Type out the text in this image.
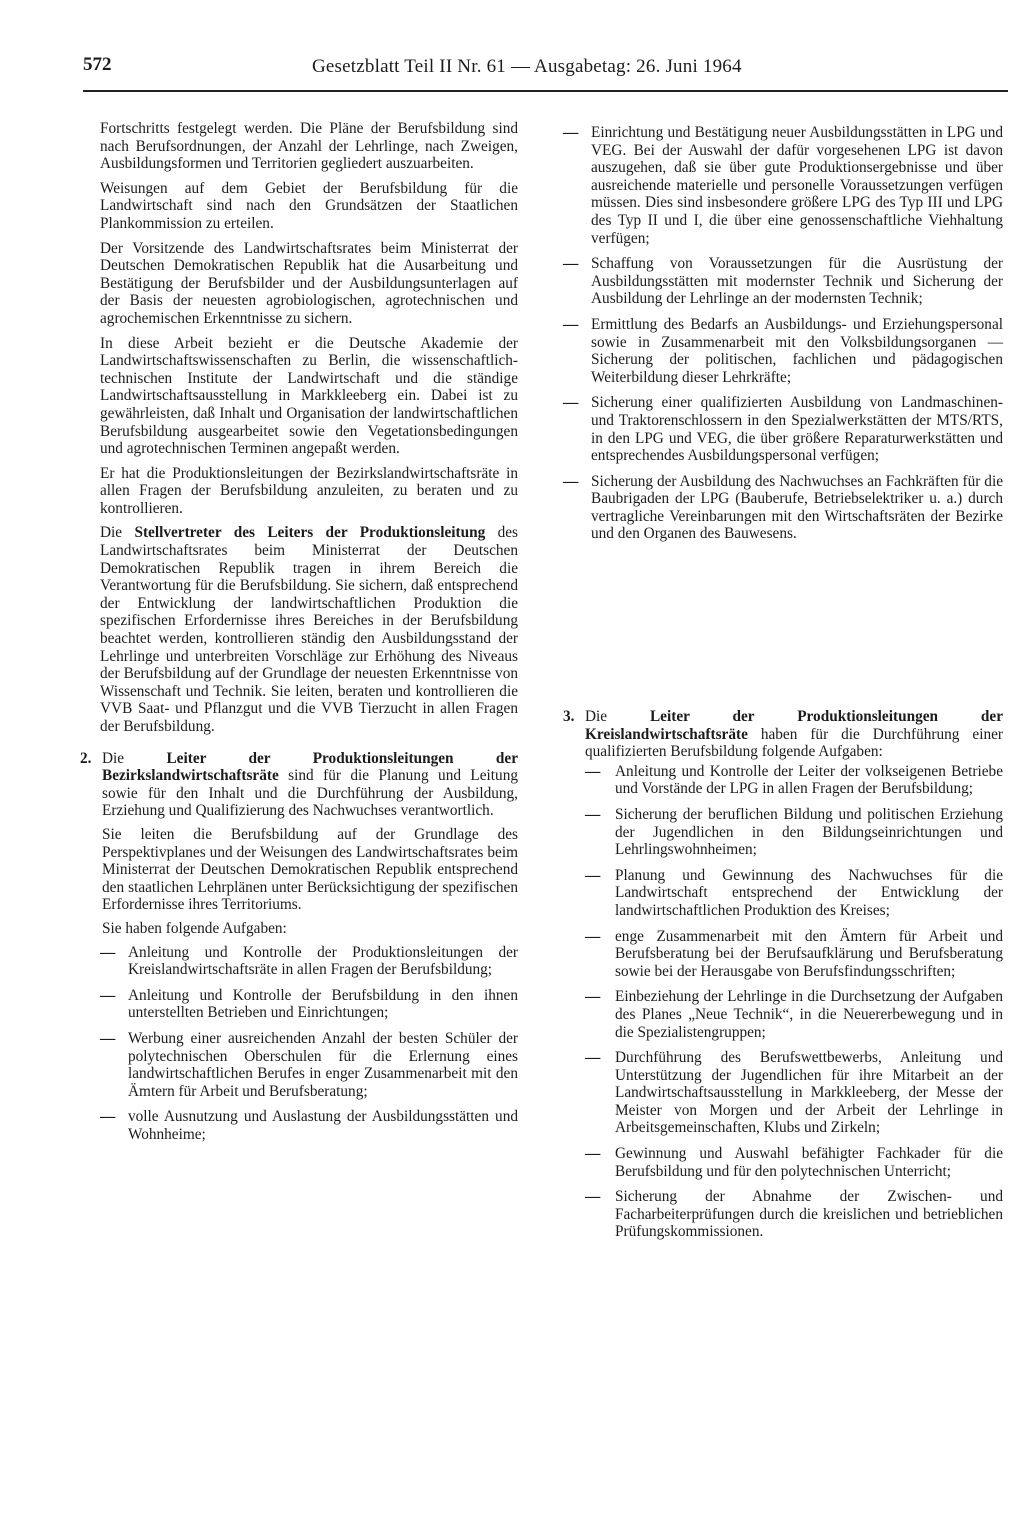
572	Gesetzblatt Teil II Nr. 61 — Ausgabetag: 26. Juni 1964

Fortschritts festgelegt werden. Die Pläne der Berufsbildung sind nach Berufsordnungen, der Anzahl der Lehrlinge, nach Zweigen, Ausbildungsformen und Territorien gegliedert auszuarbeiten.

Weisungen auf dem Gebiet der Berufsbildung für die Landwirtschaft sind nach den Grundsätzen der Staatlichen Plankommission zu erteilen.

Der Vorsitzende des Landwirtschaftsrates beim Ministerrat der Deutschen Demokratischen Republik hat die Ausarbeitung und Bestätigung der Berufsbilder und der Ausbildungsunterlagen auf der Basis der neuesten agrobiologischen, agrotechnischen und agrochemischen Erkenntnisse zu sichern.

In diese Arbeit bezieht er die Deutsche Akademie der Landwirtschaftswissenschaften zu Berlin, die wissenschaftlich-technischen Institute der Landwirtschaft und die ständige Landwirtschaftsausstellung in Markkleeberg ein. Dabei ist zu gewährleisten, daß Inhalt und Organisation der landwirtschaftlichen Berufsbildung ausgearbeitet sowie den Vegetationsbedingungen und agrotechnischen Terminen angepaßt werden.

Er hat die Produktionsleitungen der Bezirkslandwirtschaftsräte in allen Fragen der Berufsbildung anzuleiten, zu beraten und zu kontrollieren.

Die Stellvertreter des Leiters der Produktionsleitung des Landwirtschaftsrates beim Ministerrat der Deutschen Demokratischen Republik tragen in ihrem Bereich die Verantwortung für die Berufsbildung. Sie sichern, daß entsprechend der Entwicklung der landwirtschaftlichen Produktion die spezifischen Erfordernisse ihres Bereiches in der Berufsbildung beachtet werden, kontrollieren ständig den Ausbildungsstand der Lehrlinge und unterbreiten Vorschläge zur Erhöhung des Niveaus der Berufsbildung auf der Grundlage der neuesten Erkenntnisse von Wissenschaft und Technik. Sie leiten, beraten und kontrollieren die VVB Saat- und Pflanzgut und die VVB Tierzucht in allen Fragen der Berufsbildung.

2. Die Leiter der Produktionsleitungen der Bezirkslandwirtschaftsräte sind für die Planung und Leitung sowie für den Inhalt und die Durchführung der Ausbildung, Erziehung und Qualifizierung des Nachwuchses verantwortlich.

Sie leiten die Berufsbildung auf der Grundlage des Perspektivplanes und der Weisungen des Landwirtschaftsrates beim Ministerrat der Deutschen Demokratischen Republik entsprechend den staatlichen Lehrplänen unter Berücksichtigung der spezifischen Erfordernisse ihres Territoriums.

Sie haben folgende Aufgaben:

— Anleitung und Kontrolle der Produktionsleitungen der Kreislandwirtschaftsräte in allen Fragen der Berufsbildung;
— Anleitung und Kontrolle der Berufsbildung in den ihnen unterstellten Betrieben und Einrichtungen;
— Werbung einer ausreichenden Anzahl der besten Schüler der polytechnischen Oberschulen für die Erlernung eines landwirtschaftlichen Berufes in enger Zusammenarbeit mit den Ämtern für Arbeit und Berufsberatung;
— volle Ausnutzung und Auslastung der Ausbildungsstätten und Wohnheime;
— Einrichtung und Bestätigung neuer Ausbildungsstätten in LPG und VEG. Bei der Auswahl der dafür vorgesehenen LPG ist davon auszugehen, daß sie über gute Produktionsergebnisse und über ausreichende materielle und personelle Voraussetzungen verfügen müssen. Dies sind insbesondere größere LPG des Typ III und LPG des Typ II und I, die über eine genossenschaftliche Viehhaltung verfügen;
— Schaffung von Voraussetzungen für die Ausrüstung der Ausbildungsstätten mit modernster Technik und Sicherung der Ausbildung der Lehrlinge an der modernsten Technik;
— Ermittlung des Bedarfs an Ausbildungs- und Erziehungspersonal sowie in Zusammenarbeit mit den Volksbildungsorganen — Sicherung der politischen, fachlichen und pädagogischen Weiterbildung dieser Lehrkräfte;
— Sicherung einer qualifizierten Ausbildung von Landmaschinen- und Traktorenschlossern in den Spezialwerkstätten der MTS/RTS, in den LPG und VEG, die über größere Reparaturwerkstätten und entsprechendes Ausbildungspersonal verfügen;
— Sicherung der Ausbildung des Nachwuchses an Fachkräften für die Baubrigaden der LPG (Bauberufe, Betriebselektriker u. a.) durch vertragliche Vereinbarungen mit den Wirtschaftsräten der Bezirke und den Organen des Bauwesens.
3. Die Leiter der Produktionsleitungen der Kreislandwirtschaftsräte haben für die Durchführung einer qualifizierten Berufsbildung folgende Aufgaben:

— Anleitung und Kontrolle der Leiter der volkseigenen Betriebe und Vorstände der LPG in allen Fragen der Berufsbildung;
— Sicherung der beruflichen Bildung und politischen Erziehung der Jugendlichen in den Bildungseinrichtungen und Lehrlingswohnheimen;
— Planung und Gewinnung des Nachwuchses für die Landwirtschaft entsprechend der Entwicklung der landwirtschaftlichen Produktion des Kreises;
— enge Zusammenarbeit mit den Ämtern für Arbeit und Berufsberatung bei der Berufsaufklärung und Berufsberatung sowie bei der Herausgabe von Berufsfindungsschriften;
— Einbeziehung der Lehrlinge in die Durchsetzung der Aufgaben des Planes „Neue Technik“, in die Neuererbewegung und in die Spezialistengruppen;
— Durchführung des Berufswettbewerbs, Anleitung und Unterstützung der Jugendlichen für ihre Mitarbeit an der Landwirtschaftsausstellung in Markkleeberg, der Messe der Meister von Morgen und der Arbeit der Lehrlinge in Arbeitsgemeinschaften, Klubs und Zirkeln;
— Gewinnung und Auswahl befähigter Fachkader für die Berufsbildung und für den polytechnischen Unterricht;
— Sicherung der Abnahme der Zwischen- und Facharbeiterprüfungen durch die kreislichen und betrieblichen Prüfungskommissionen.
